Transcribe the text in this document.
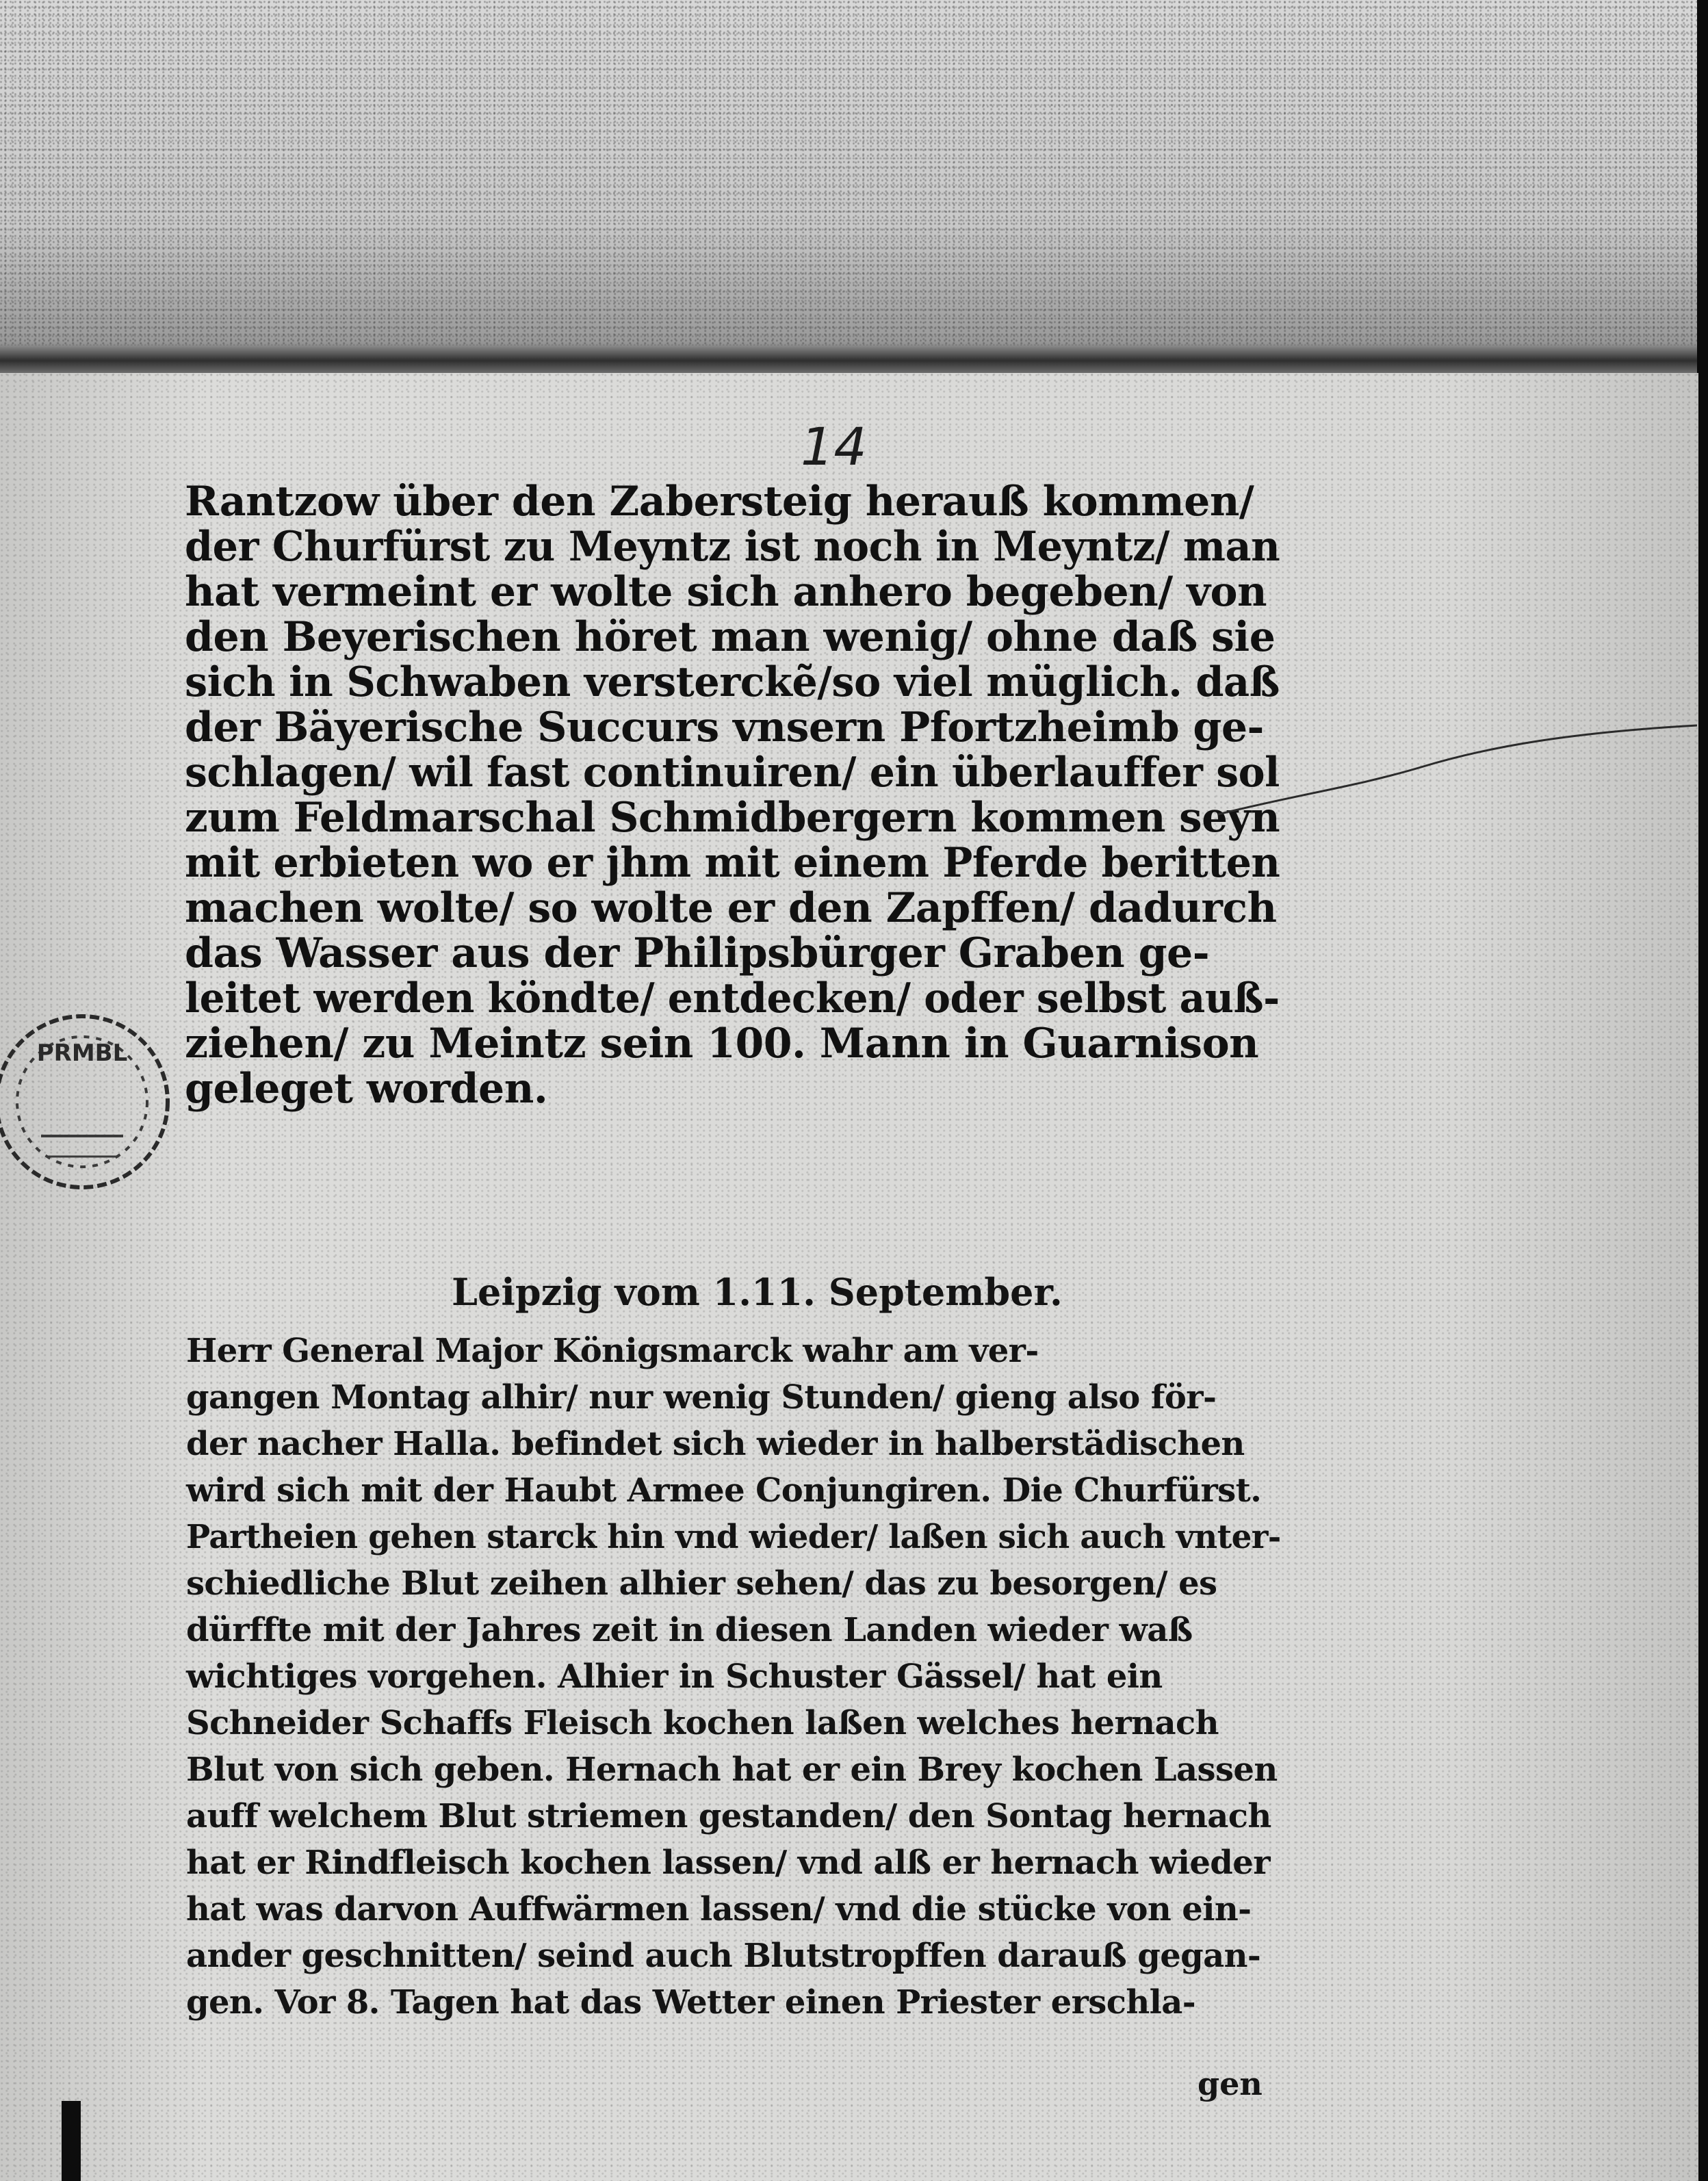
14
Rantzow über den Zabersteig herauß kommen/
der Churfürst zu Meyntz ist noch in Meyntz/ man
hat vermeint er wolte sich anhero begeben/ von
den Beyerischen höret man wenig/ ohne daß sie
sich in Schwaben versterckẽ/so viel müglich. daß
der Bäyerische Succurs vnsern Pfortzheimb ge-
schlagen/ wil fast continuiren/ ein überlauffer sol
zum Feldmarschal Schmidbergern kommen seyn
mit erbieten wo er jhm mit einem Pferde beritten
machen wolte/ so wolte er den Zapffen/ dadurch
das Wasser aus der Philipsbürger Graben ge-
leitet werden köndte/ entdecken/ oder selbst auß-
ziehen/ zu Meintz sein 100. Mann in Guarnison
geleget worden.
Leipzig vom 1.11. September.
Herr General Major Königsmarck wahr am ver-
gangen Montag alhir/ nur wenig Stunden/ gieng also för-
der nacher Halla. befindet sich wieder in halberstädischen
wird sich mit der Haubt Armee Conjungiren. Die Churfürst.
Partheien gehen starck hin vnd wieder/ laßen sich auch vnter-
schiedliche Blut zeihen alhier sehen/ das zu besorgen/ es
dürffte mit der Jahres zeit in diesen Landen wieder waß
wichtiges vorgehen. Alhier in Schuster Gässel/ hat ein
Schneider Schaffs Fleisch kochen laßen welches hernach
Blut von sich geben. Hernach hat er ein Brey kochen Lassen
auff welchem Blut striemen gestanden/ den Sontag hernach
hat er Rindfleisch kochen lassen/ vnd alß er hernach wieder
hat was darvon Auffwärmen lassen/ vnd die stücke von ein-
ander geschnitten/ seind auch Blutstropffen darauß gegan-
gen. Vor 8. Tagen hat das Wetter einen Priester erschla-
gen
PRMBL
